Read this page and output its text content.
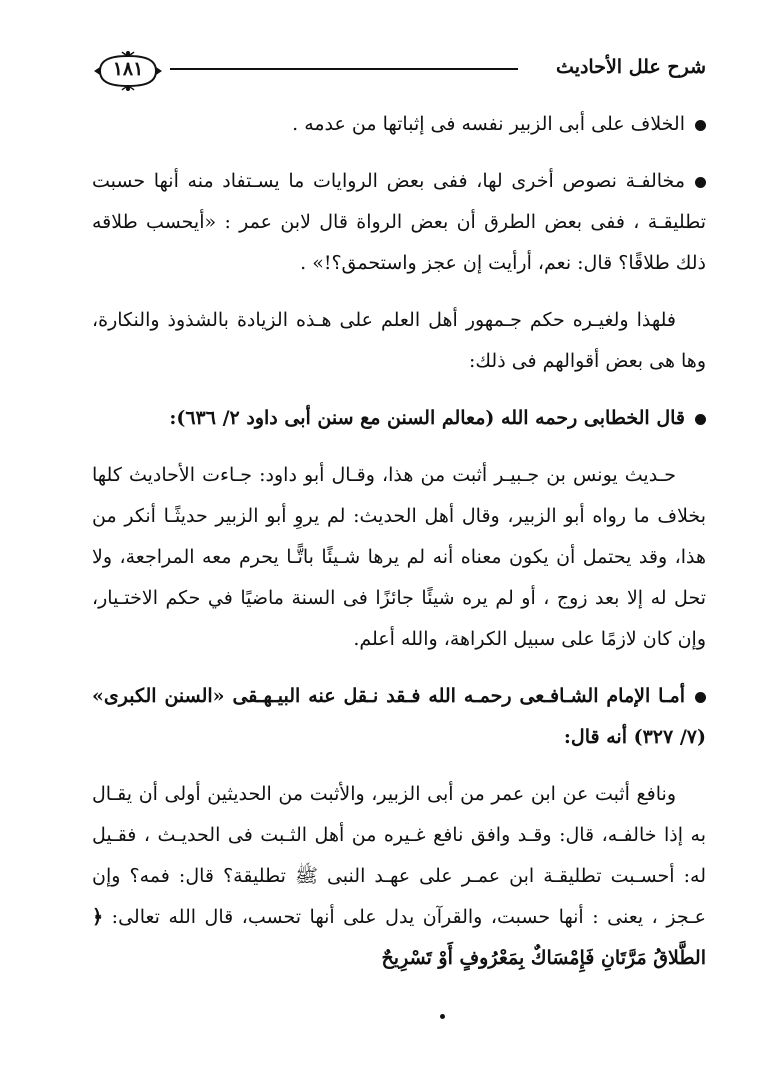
شرح علل الأحاديث
١٨١

الخلاف على أبى الزبير نفسه فى إثباتها من عدمه .

مخالفـة نصوص أخرى لها، ففى بعض الروايات ما يسـتفاد منه أنها حسبت تطليقـة ، ففى بعض الطرق أن بعض الرواة قال لابن عمر : «أيحسب طلاقه ذلك طلاقًا؟ قال: نعم، أرأيت إن عجز واستحمق؟!» .

فلهذا ولغيـره حكم جـمهور أهل العلم على هـذه الزيادة بالشذوذ والنكارة، وها هى بعض أقوالهم فى ذلك:

قال الخطابى رحمه الله (معالم السنن مع سنن أبى داود ٢/ ٦٣٦):

حـديث يونس بن جـبيـر أثبت من هذا، وقـال أبو داود: جـاءت الأحاديث كلها بخلاف ما رواه أبو الزبير، وقال أهل الحديث: لم يروِ أبو الزبير حديثًـا أنكر من هذا، وقد يحتمل أن يكون معناه أنه لم يرها شـيئًا باتًّـا يحرم معه المراجعة، ولا تحل له إلا بعد زوج ، أو لم يره شيئًا جائزًا فى السنة ماضيًا في حكم الاختـيار، وإن كان لازمًا على سبيل الكراهة، والله أعلم.

أمـا الإمام الشـافـعى رحمـه الله فـقد نـقل عنه البيـهـقى «السنن الكبرى» (٧/ ٣٢٧) أنه قال:

ونافع أثبت عن ابن عمر من أبى الزبير، والأثبت من الحديثين أولى أن يقـال به إذا خالفـه، قال: وقـد وافق نافع غـيره من أهل الثـبت فى الحديـث ، فقـيل له: أحسـبت تطليقـة ابن عمـر على عهـد النبى ﷺ تطليقة؟ قال: فمه؟ وإن عـجز ، يعنى : أنها حسبت، والقرآن يدل على أنها تحسب، قال الله تعالى: ﴿ الطَّلاقُ مَرَّتَانِ فَإِمْسَاكٌ بِمَعْرُوفٍ أَوْ تَسْرِيحٌ
